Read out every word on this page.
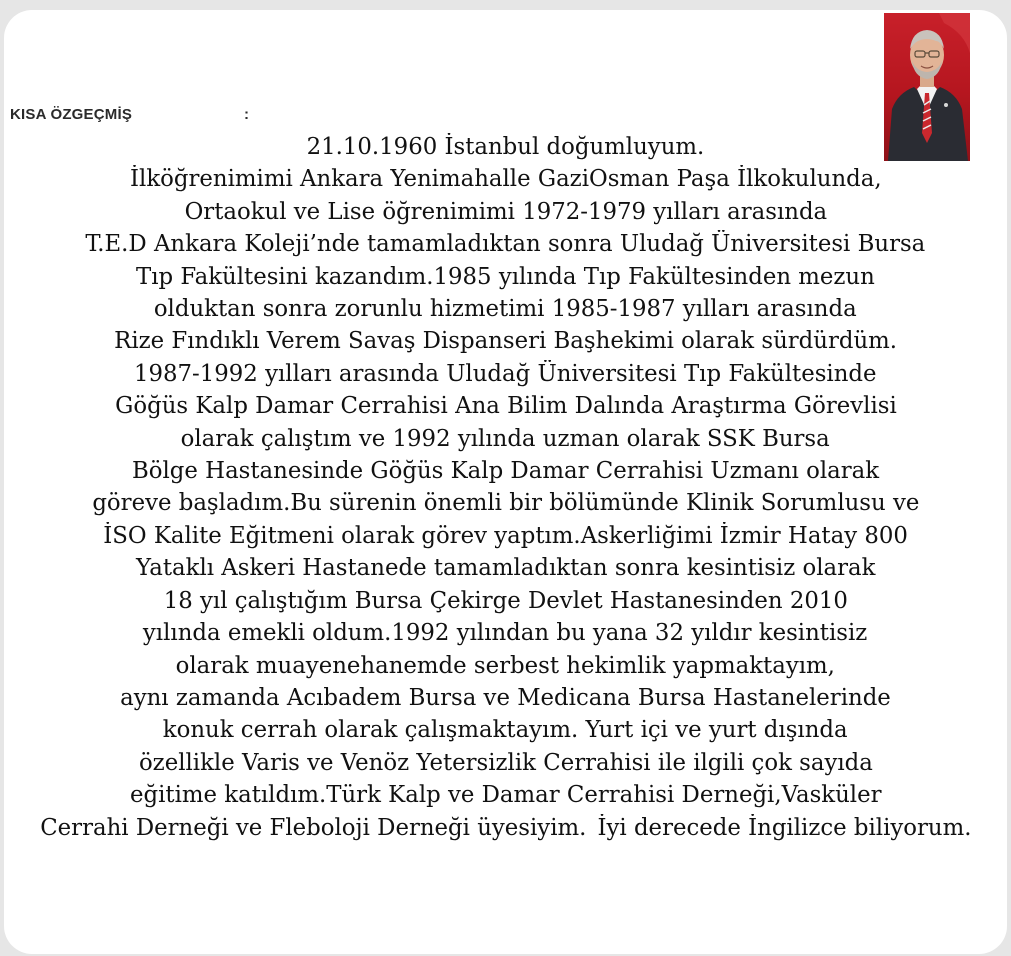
KISA ÖZGEÇMİŞ	:
21.10.1960 İstanbul doğumluyum. İlköğrenimimi Ankara Yenimahalle GaziOsman Paşa İlkokulunda, Ortaokul ve Lise öğrenimimi 1972-1979 yılları arasında T.E.D Ankara Koleji’nde tamamladıktan sonra Uludağ Üniversitesi Bursa Tıp Fakültesini kazandım.1985 yılında Tıp Fakültesinden mezun olduktan sonra zorunlu hizmetimi 1985-1987 yılları arasında Rize Fındıklı Verem Savaş Dispanseri Başhekimi olarak sürdürdüm. 1987-1992 yılları arasında Uludağ Üniversitesi Tıp Fakültesinde Göğüs Kalp Damar Cerrahisi Ana Bilim Dalında Araştırma Görevlisi olarak çalıştım ve 1992 yılında uzman olarak SSK Bursa Bölge Hastanesinde Göğüs Kalp Damar Cerrahisi Uzmanı olarak göreve başladım.Bu sürenin önemli bir bölümünde Klinik Sorumlusu ve İSO Kalite Eğitmeni olarak görev yaptım.Askerliğimi İzmir Hatay 800 Yataklı Askeri Hastanede tamamladıktan sonra kesintisiz olarak 18 yıl çalıştığım Bursa Çekirge Devlet Hastanesinden 2010 yılında emekli oldum.1992 yılından bu yana 32 yıldır kesintisiz olarak muayenehanemde serbest hekimlik yapmaktayım, aynı zamanda Acıbadem Bursa ve Medicana Bursa Hastanelerinde konuk cerrah olarak çalışmaktayım. Yurt içi ve yurt dışında özellikle Varis ve Venöz Yetersizlik Cerrahisi ile ilgili çok sayıda eğitime katıldım.Türk Kalp ve Damar Cerrahisi Derneği,Vasküler Cerrahi Derneği ve Fleboloji Derneği üyesiyim. İyi derecede İngilizce biliyorum.
